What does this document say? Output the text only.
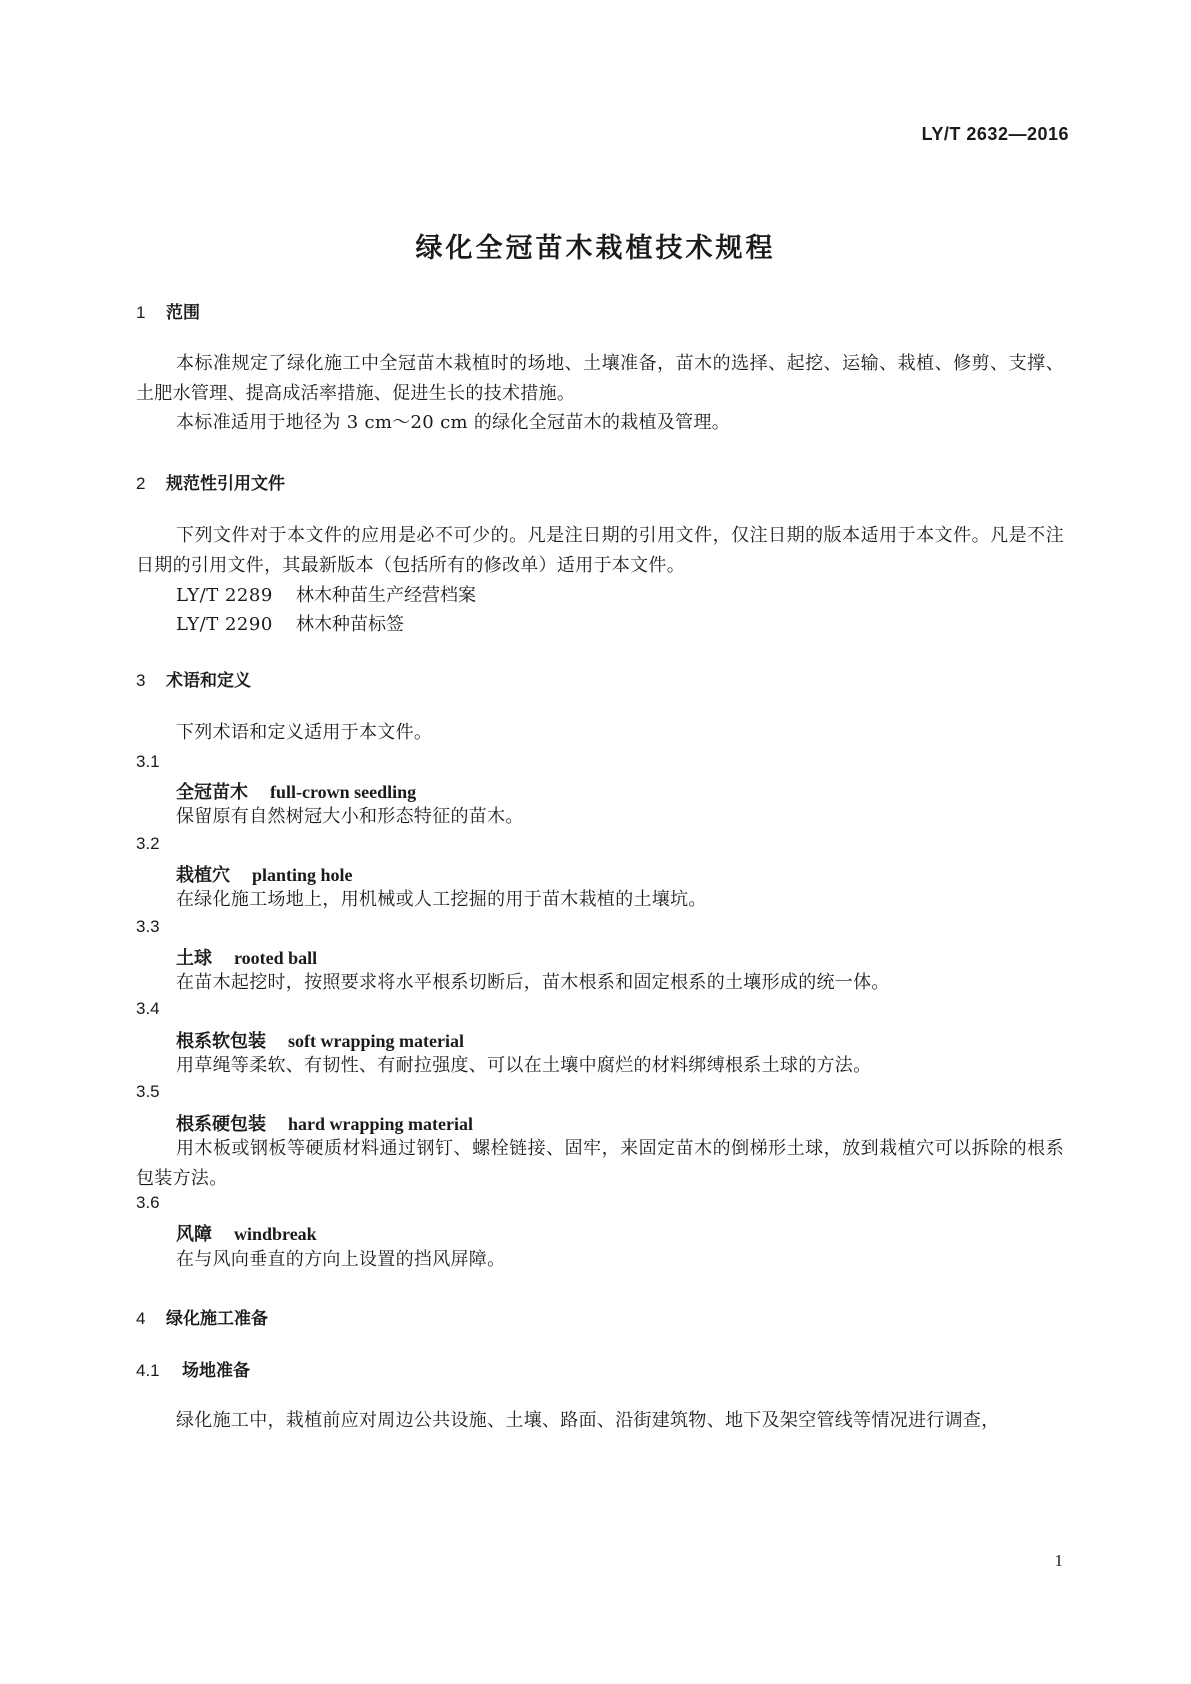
LY/T 2632—2016
绿化全冠苗木栽植技术规程
1 范围
本标准规定了绿化施工中全冠苗木栽植时的场地、土壤准备，苗木的选择、起挖、运输、栽植、修剪、支撑、土肥水管理、提高成活率措施、促进生长的技术措施。
本标准适用于地径为 3 cm～20 cm 的绿化全冠苗木的栽植及管理。
2 规范性引用文件
下列文件对于本文件的应用是必不可少的。凡是注日期的引用文件，仅注日期的版本适用于本文件。凡是不注日期的引用文件，其最新版本（包括所有的修改单）适用于本文件。
LY/T 2289 林木种苗生产经营档案
LY/T 2290 林木种苗标签
3 术语和定义
下列术语和定义适用于本文件。
3.1
全冠苗木 full-crown seedling
保留原有自然树冠大小和形态特征的苗木。
3.2
栽植穴 planting hole
在绿化施工场地上，用机械或人工挖掘的用于苗木栽植的土壤坑。
3.3
土球 rooted ball
在苗木起挖时，按照要求将水平根系切断后，苗木根系和固定根系的土壤形成的统一体。
3.4
根系软包装 soft wrapping material
用草绳等柔软、有韧性、有耐拉强度、可以在土壤中腐烂的材料绑缚根系土球的方法。
3.5
根系硬包装 hard wrapping material
用木板或钢板等硬质材料通过钢钉、螺栓链接、固牢，来固定苗木的倒梯形土球，放到栽植穴可以拆除的根系包装方法。
3.6
风障 windbreak
在与风向垂直的方向上设置的挡风屏障。
4 绿化施工准备
4.1 场地准备
绿化施工中，栽植前应对周边公共设施、土壤、路面、沿街建筑物、地下及架空管线等情况进行调查，
1
